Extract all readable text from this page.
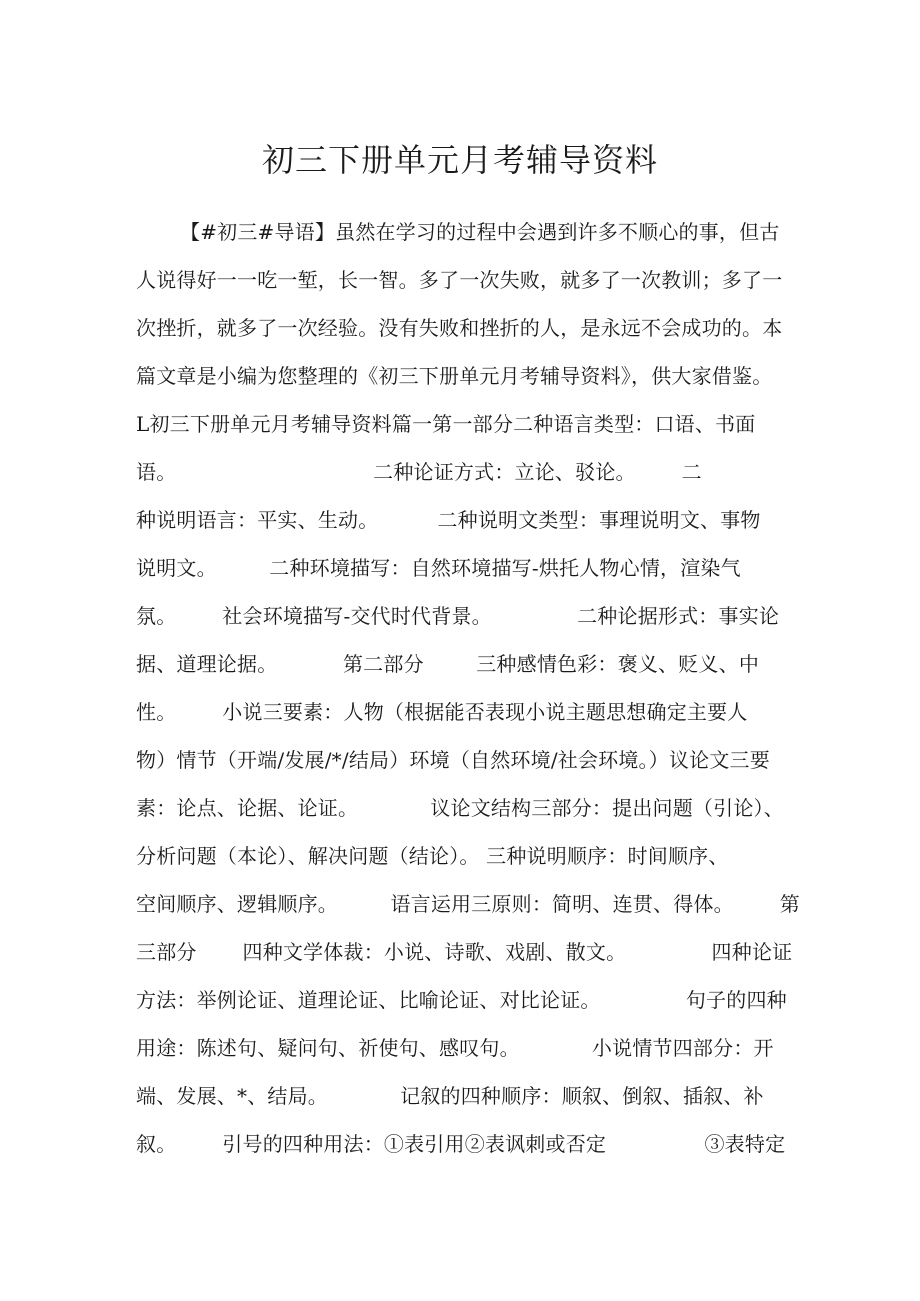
初三下册单元月考辅导资料
【#初三#导语】虽然在学习的过程中会遇到许多不顺心的事，但古
人说得好一一吃一堑，长一智。多了一次失败，就多了一次教训；多了一
次挫折，就多了一次经验。没有失败和挫折的人，是永远不会成功的。本
篇文章是小编为您整理的《初三下册单元月考辅导资料》，供大家借鉴。
L初三下册单元月考辅导资料篇一第一部分二种语言类型：口语、书面
语。                              二种论证方式：立论、驳论。       二
种说明语言：平实、生动。         二种说明文类型：事理说明文、事物
说明文。        二种环境描写：自然环境描写-烘托人物心情，渲染气
氛。       社会环境描写-交代时代背景。             二种论据形式：事实论
据、道理论据。          第二部分        三种感情色彩：褒义、贬义、中
性。       小说三要素：人物（根据能否表现小说主题思想确定主要人
物）情节（开端/发展/*/结局）环境（自然环境/社会环境。）议论文三要
素：论点、论据、论证。           议论文结构三部分：提出问题（引论）、
分析问题（本论）、解决问题（结论）。 三种说明顺序：时间顺序、
空间顺序、逻辑顺序。        语言运用三原则：简明、连贯、得体。       第
三部分       四种文学体裁：小说、诗歌、戏剧、散文。             四种论证
方法：举例论证、道理论证、比喻论证、对比论证。             句子的四种
用途：陈述句、疑问句、祈使句、感叹句。           小说情节四部分：开
端、发展、*、结局。           记叙的四种顺序：顺叙、倒叙、插叙、补
叙。       引号的四种用法：①表引用②表讽刺或否定               ③表特定
